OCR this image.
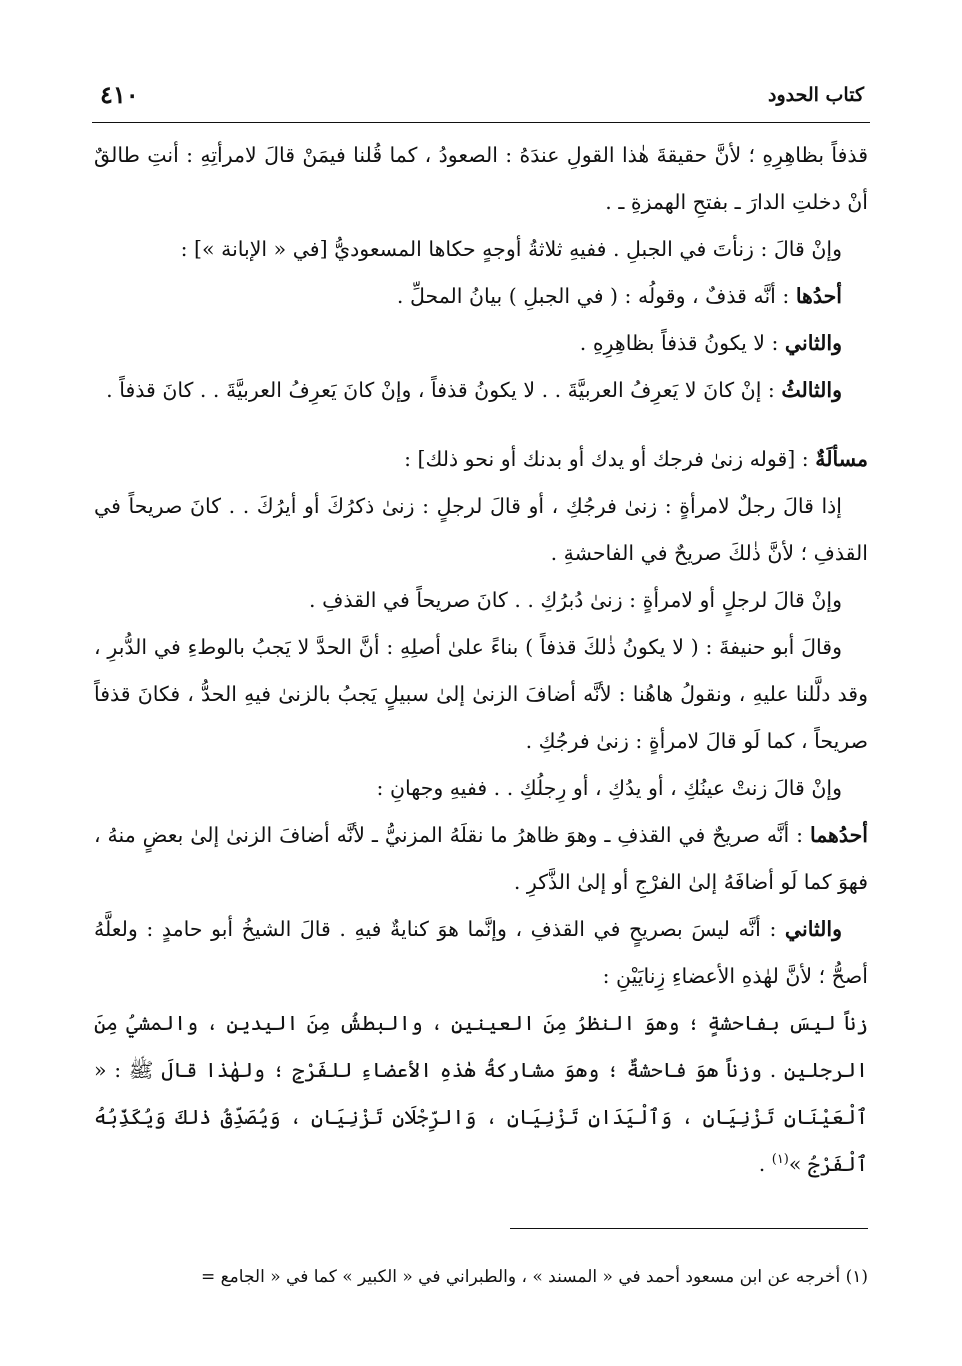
كتاب الحدود
٤١٠

قذفاً بظاهِرِهِ ؛ لأنَّ حقيقةَ هٰذا القولِ عندَهُ : الصعودُ ، كما قُلنا فيمَنْ قالَ لامرأتِهِ : أنتِ طالقٌ أنْ دخلتِ الدارَ ـ بفتحِ الهمزةِ ـ .

وإنْ قالَ : زنأتَ في الجبلِ . ففيهِ ثلاثةُ أوجهٍ حكاها المسعوديُّ [في « الإبانة »] :

أحدُها : أنَّه قذفٌ ، وقولُه : ( في الجبلِ ) بيانُ المحلِّ .

والثاني : لا يكونُ قذفاً بظاهِرِهِ .

والثالثُ : إنْ كانَ لا يَعرِفُ العربيَّةَ . . لا يكونُ قذفاً ، وإنْ كانَ يَعرِفُ العربيَّةَ . . كانَ قذفاً .

مسألَةٌ : [قوله زنیٰ فرجك أو يدك أو بدنك أو نحو ذلك] :

إذا قالَ رجلٌ لامرأةٍ : زنیٰ فرجُكِ ، أو قالَ لرجلٍ : زنیٰ ذكرُكَ أو أيرُكَ . . كانَ صريحاً في القذفِ ؛ لأنَّ ذٰلكَ صريحٌ في الفاحشةِ .

وإنْ قالَ لرجلٍ أو لامرأةٍ : زنیٰ دُبرُكِ . . كانَ صريحاً في القذفِ .

وقالَ أبو حنيفةَ : ( لا يكونُ ذٰلكَ قذفاً ) بناءً علیٰ أصلِهِ : أنَّ الحدَّ لا يَجبُ بالوطءِ في الدُّبرِ ، وقد دلَّلنا عليهِ ، ونقولُ هاهُنا : لأنَّه أضافَ الزنیٰ إلیٰ سبيلٍ يَجبُ بالزنیٰ فيهِ الحدُّ ، فكانَ قذفاً صريحاً ، كما لَو قالَ لامرأةٍ : زنیٰ فرجُكِ .

وإنْ قالَ زنتْ عينُكِ ، أو يدُكِ ، أو رِجلُكِ . . ففيهِ وجهانِ :

أحدُهما : أنَّه صريحٌ في القذفِ ـ وهوَ ظاهرُ ما نقلَهُ المزنيُّ ـ لأنَّه أضافَ الزنیٰ إلیٰ بعضٍ منهُ ، فهوَ كما لَو أضافَهُ إلیٰ الفرْجِ أو إلیٰ الذَّكرِ .

والثاني : أنَّه ليسَ بصريحٍ في القذفِ ، وإنَّما هوَ كنايةٌ فيهِ . قالَ الشيخُ أبو حامدٍ : ولعلَّهُ أصحُّ ؛ لأنَّ لهٰذهِ الأعضاءِ زِنايَيْنِ :

زناً ليسَ بفاحشةٍ ؛ وهوَ النظرُ مِنَ العينينِ ، والبطشُ مِنَ اليدينِ ، والمشيُ مِنَ الرجلينِ . وزناً هوَ فاحشةٌ ؛ وهوَ مشاركةُ هٰذهِ الأعضاءِ للفَرْجِ ؛ ولهٰذا قالَ ﷺ : « ٱلْعَيْنَانِ تَزْنِيَانِ ، وَٱلْيَدَانِ تَزْنِيَانِ ، وَالرِّجْلَانِ تَزْنِيَانِ ، وَيُصَدِّقُ ذٰلكَ وَيُكَذِّبُهُ ٱلْفَرْجُ »$^{(١)}$ .

(١) أخرجه عن ابن مسعود أحمد في « المسند » ، والطبراني في « الكبير » كما في « الجامع =
